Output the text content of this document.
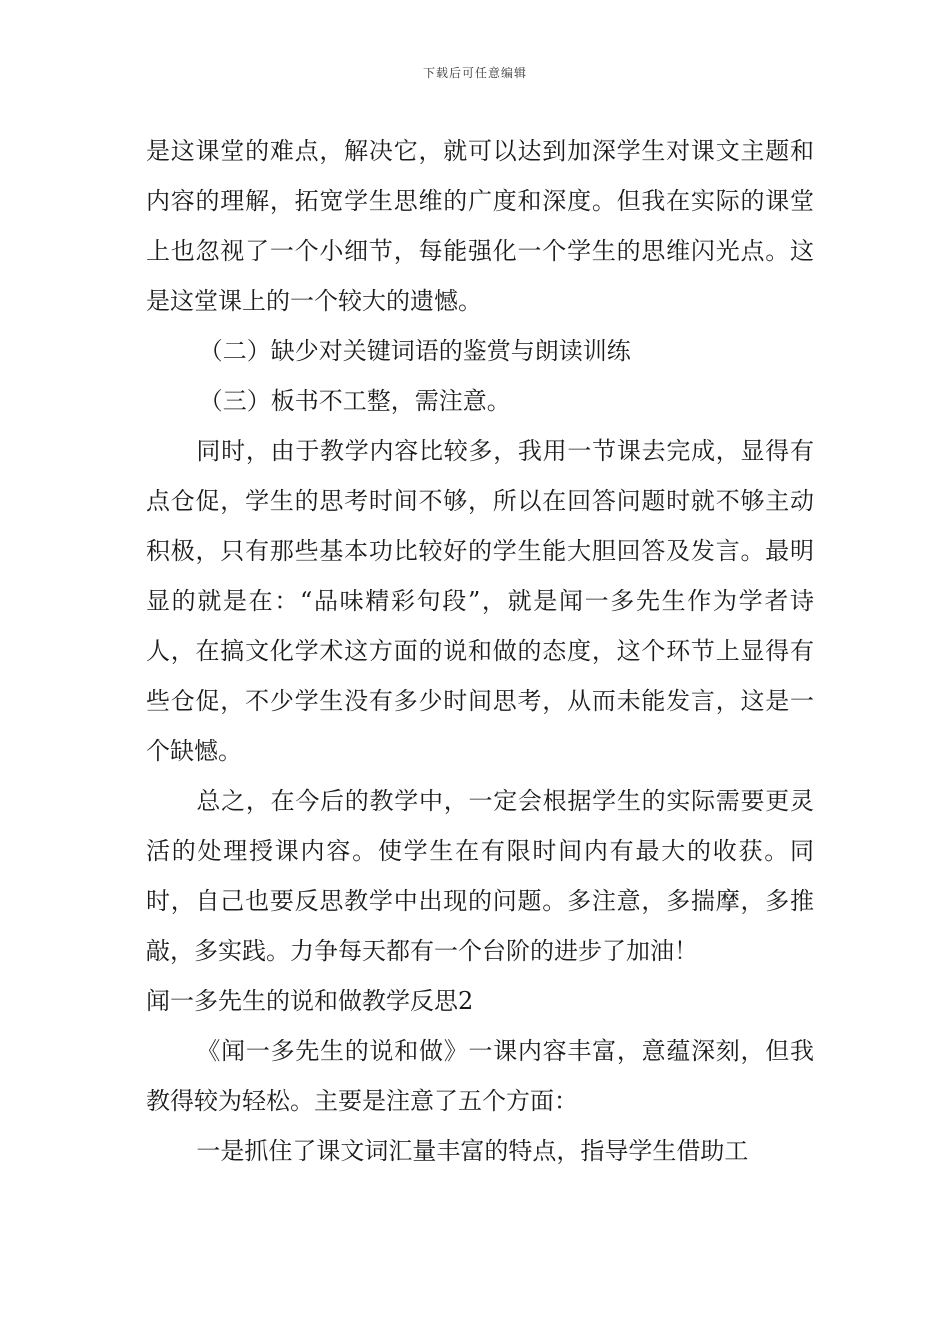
下载后可任意编辑

是这课堂的难点，解决它，就可以达到加深学生对课文主题和内容的理解，拓宽学生思维的广度和深度。但我在实际的课堂上也忽视了一个小细节，每能强化一个学生的思维闪光点。这是这堂课上的一个较大的遗憾。

（二）缺少对关键词语的鉴赏与朗读训练

（三）板书不工整，需注意。

同时，由于教学内容比较多，我用一节课去完成，显得有点仓促，学生的思考时间不够，所以在回答问题时就不够主动积极，只有那些基本功比较好的学生能大胆回答及发言。最明显的就是在：“品味精彩句段”，就是闻一多先生作为学者诗人，在搞文化学术这方面的说和做的态度，这个环节上显得有些仓促，不少学生没有多少时间思考，从而未能发言，这是一个缺憾。

总之，在今后的教学中，一定会根据学生的实际需要更灵活的处理授课内容。使学生在有限时间内有最大的收获。同时，自己也要反思教学中出现的问题。多注意，多揣摩，多推敲，多实践。力争每天都有一个台阶的进步了加油！

闻一多先生的说和做教学反思2

《闻一多先生的说和做》一课内容丰富，意蕴深刻，但我教得较为轻松。主要是注意了五个方面：

一是抓住了课文词汇量丰富的特点，指导学生借助工
